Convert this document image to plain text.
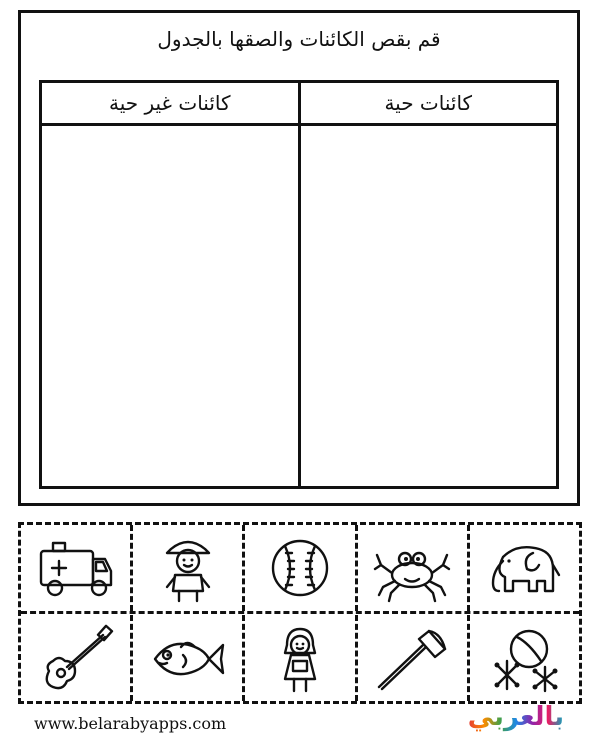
قم بقص الكائنات والصقها بالجدول
كائنات حية
كائنات غير حية
www.belarabyapps.com	بالعربي
